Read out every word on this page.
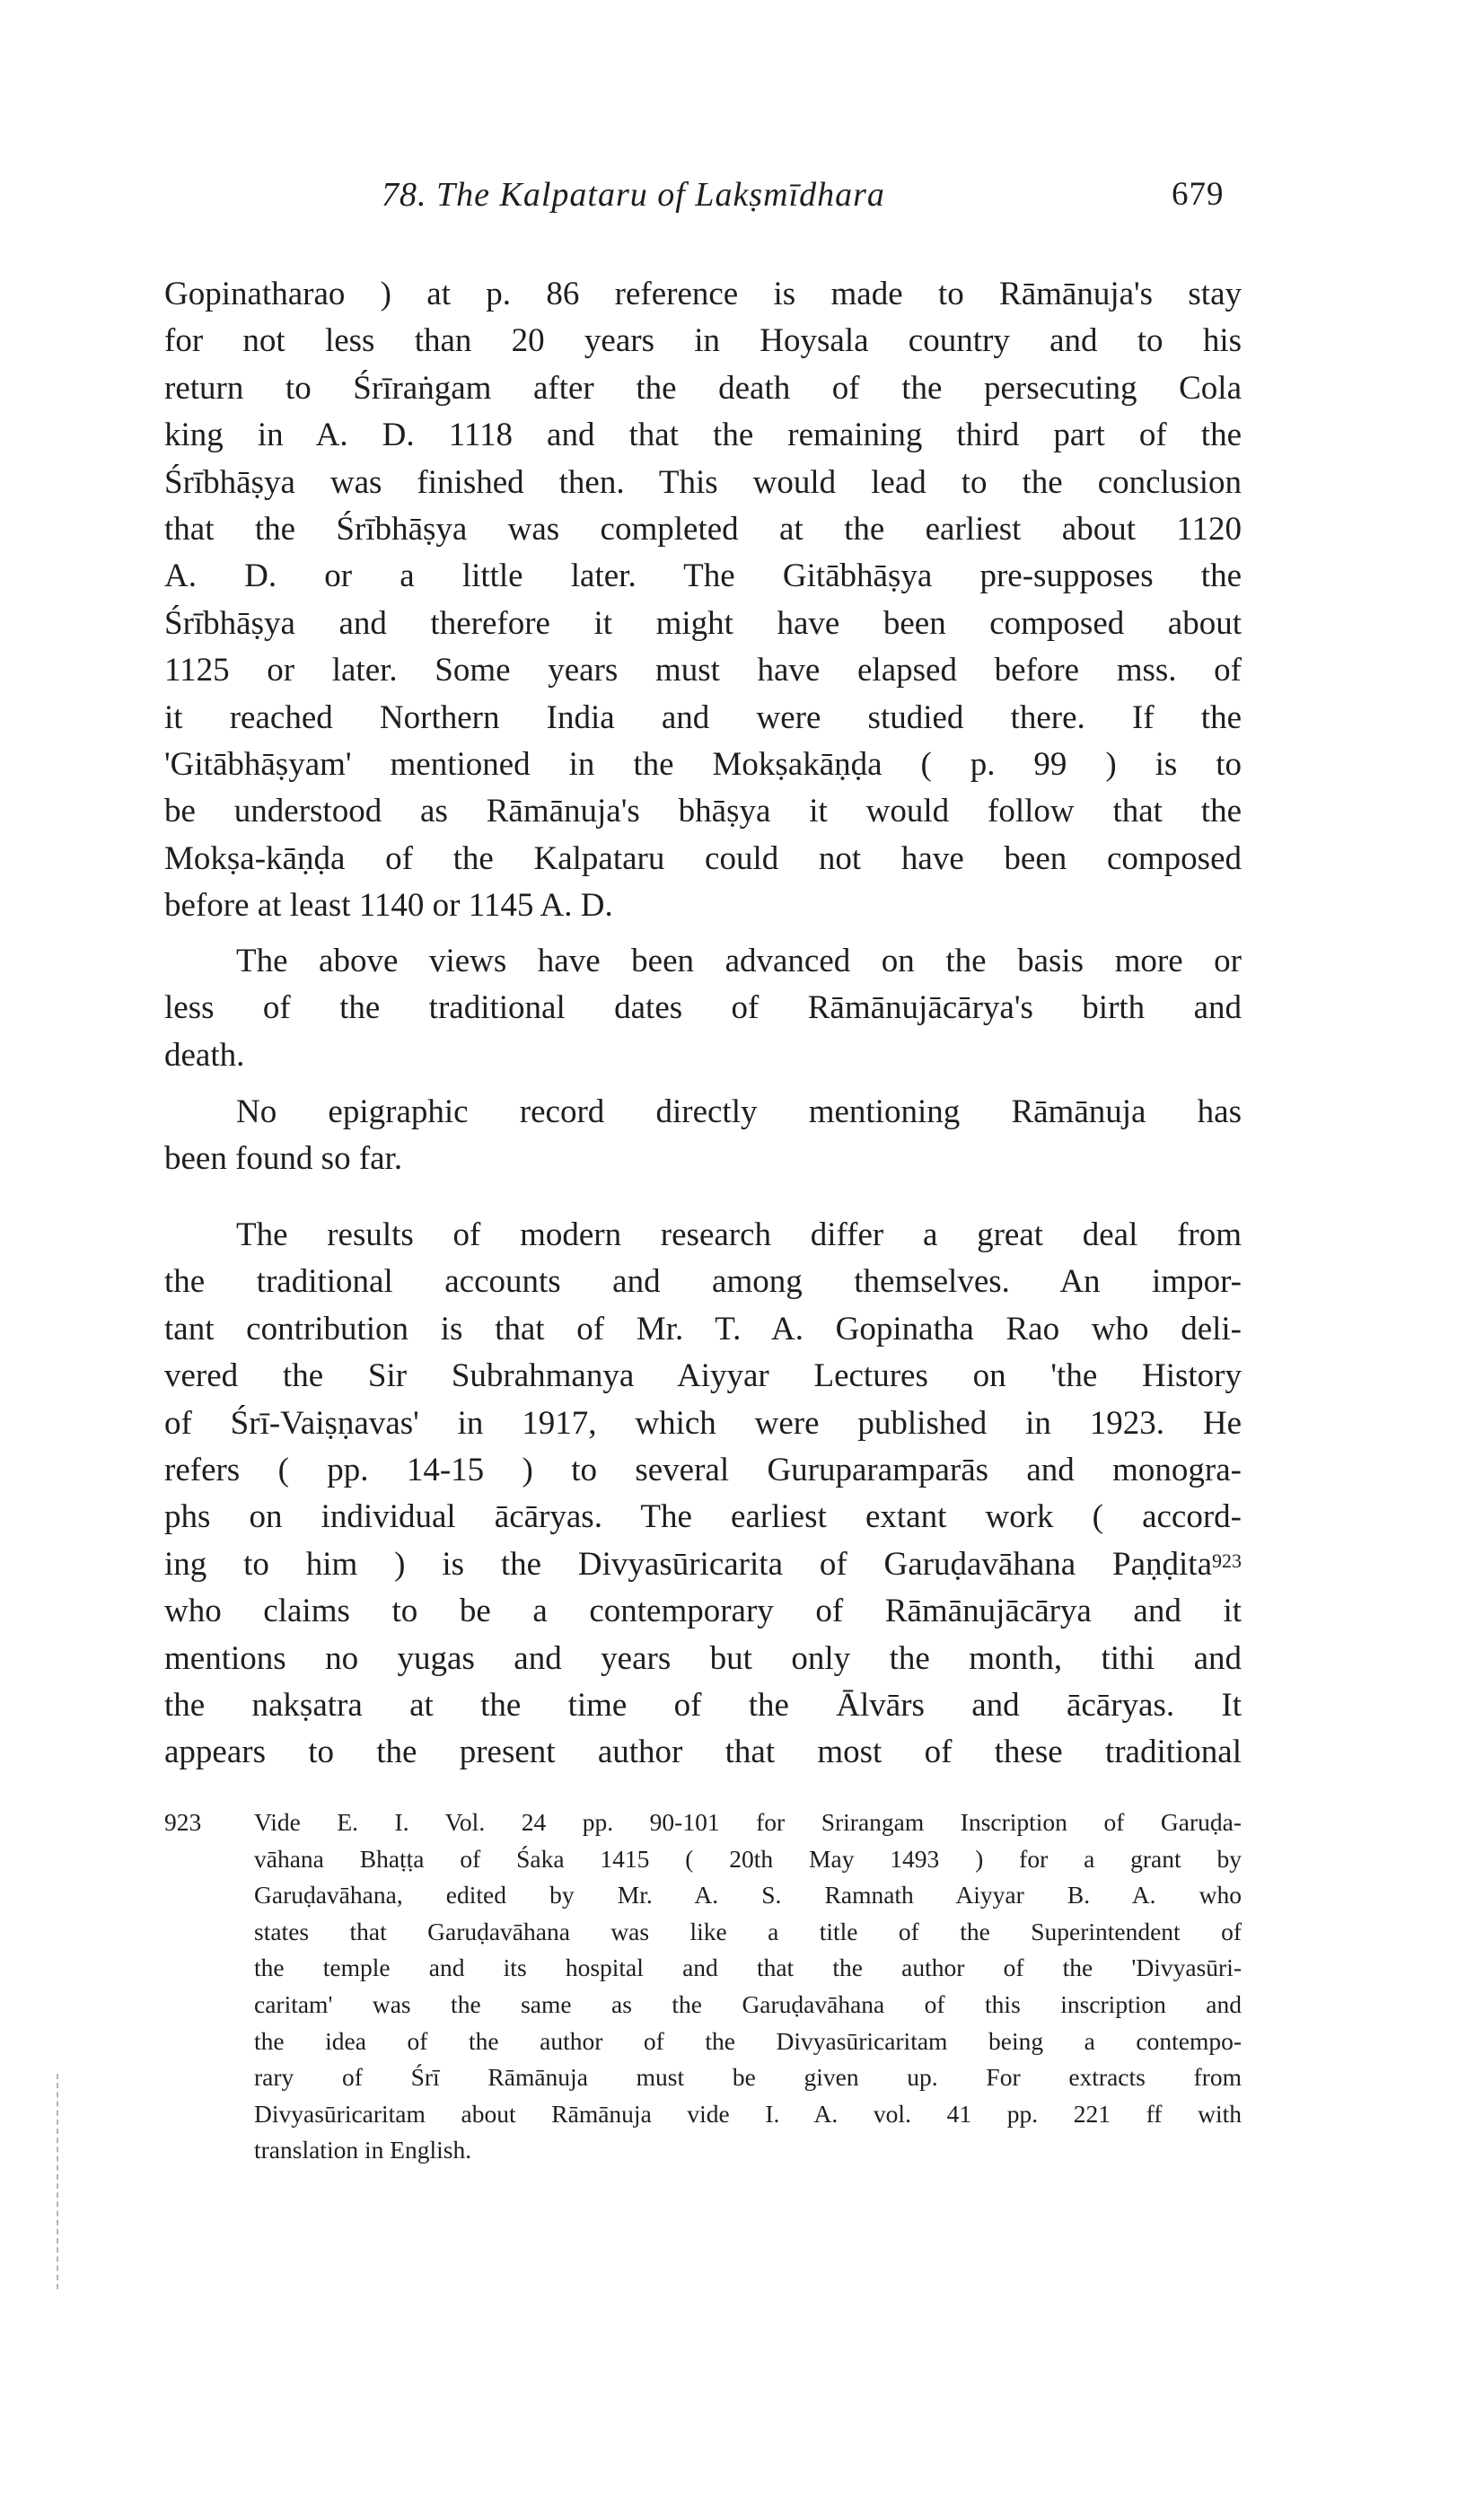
78. The Kalpataru of Lakṣmīdhara	679
Gopinatharao ) at p. 86 reference is made to Rāmānuja's stay
for not less than 20 years in Hoysala country and to his
return to Śrīraṅgam after the death of the persecuting Cola
king in A. D. 1118 and that the remaining third part of the
Śrībhāṣya was finished then. This would lead to the conclusion
that the Śrībhāṣya was completed at the earliest about 1120
A. D. or a little later. The Gitābhāṣya pre-supposes the
Śrībhāṣya and therefore it might have been composed about
1125 or later. Some years must have elapsed before mss. of
it reached Northern India and were studied there. If the
'Gitābhāṣyam' mentioned in the Mokṣakāṇḍa ( p. 99 ) is to
be understood as Rāmānuja's bhāṣya it would follow that the
Mokṣa-kāṇḍa of the Kalpataru could not have been composed
before at least 1140 or 1145 A. D.
The above views have been advanced on the basis more or
less of the traditional dates of Rāmānujācārya's birth and
death.
No epigraphic record directly mentioning Rāmānuja has
been found so far.
The results of modern research differ a great deal from
the traditional accounts and among themselves. An impor-
tant contribution is that of Mr. T. A. Gopinatha Rao who deli-
vered the Sir Subrahmanya Aiyyar Lectures on 'the History
of Śrī-Vaiṣṇavas' in 1917, which were published in 1923. He
refers ( pp. 14-15 ) to several Guruparamparās and monogra-
phs on individual ācāryas. The earliest extant work ( accord-
ing to him ) is the Divyasūricarita of Garuḍavāhana Paṇḍita$^{923}$
who claims to be a contemporary of Rāmānujācārya and it
mentions no yugas and years but only the month, tithi and
the nakṣatra at the time of the Ālvārs and ācāryas. It
appears to the present author that most of these traditional
923 Vide E. I. Vol. 24 pp. 90-101 for Srirangam Inscription of Garuḍa-
vāhana Bhaṭṭa of Śaka 1415 ( 20th May 1493 ) for a grant by
Garuḍavāhana, edited by Mr. A. S. Ramnath Aiyyar B. A. who
states that Garuḍavāhana was like a title of the Superintendent of
the temple and its hospital and that the author of the 'Divyasūri-
caritam' was the same as the Garuḍavāhana of this inscription and
the idea of the author of the Divyasūricaritam being a contempo-
rary of Śrī Rāmānuja must be given up. For extracts from
Divyasūricaritam about Rāmānuja vide I. A. vol. 41 pp. 221 ff with
translation in English.
